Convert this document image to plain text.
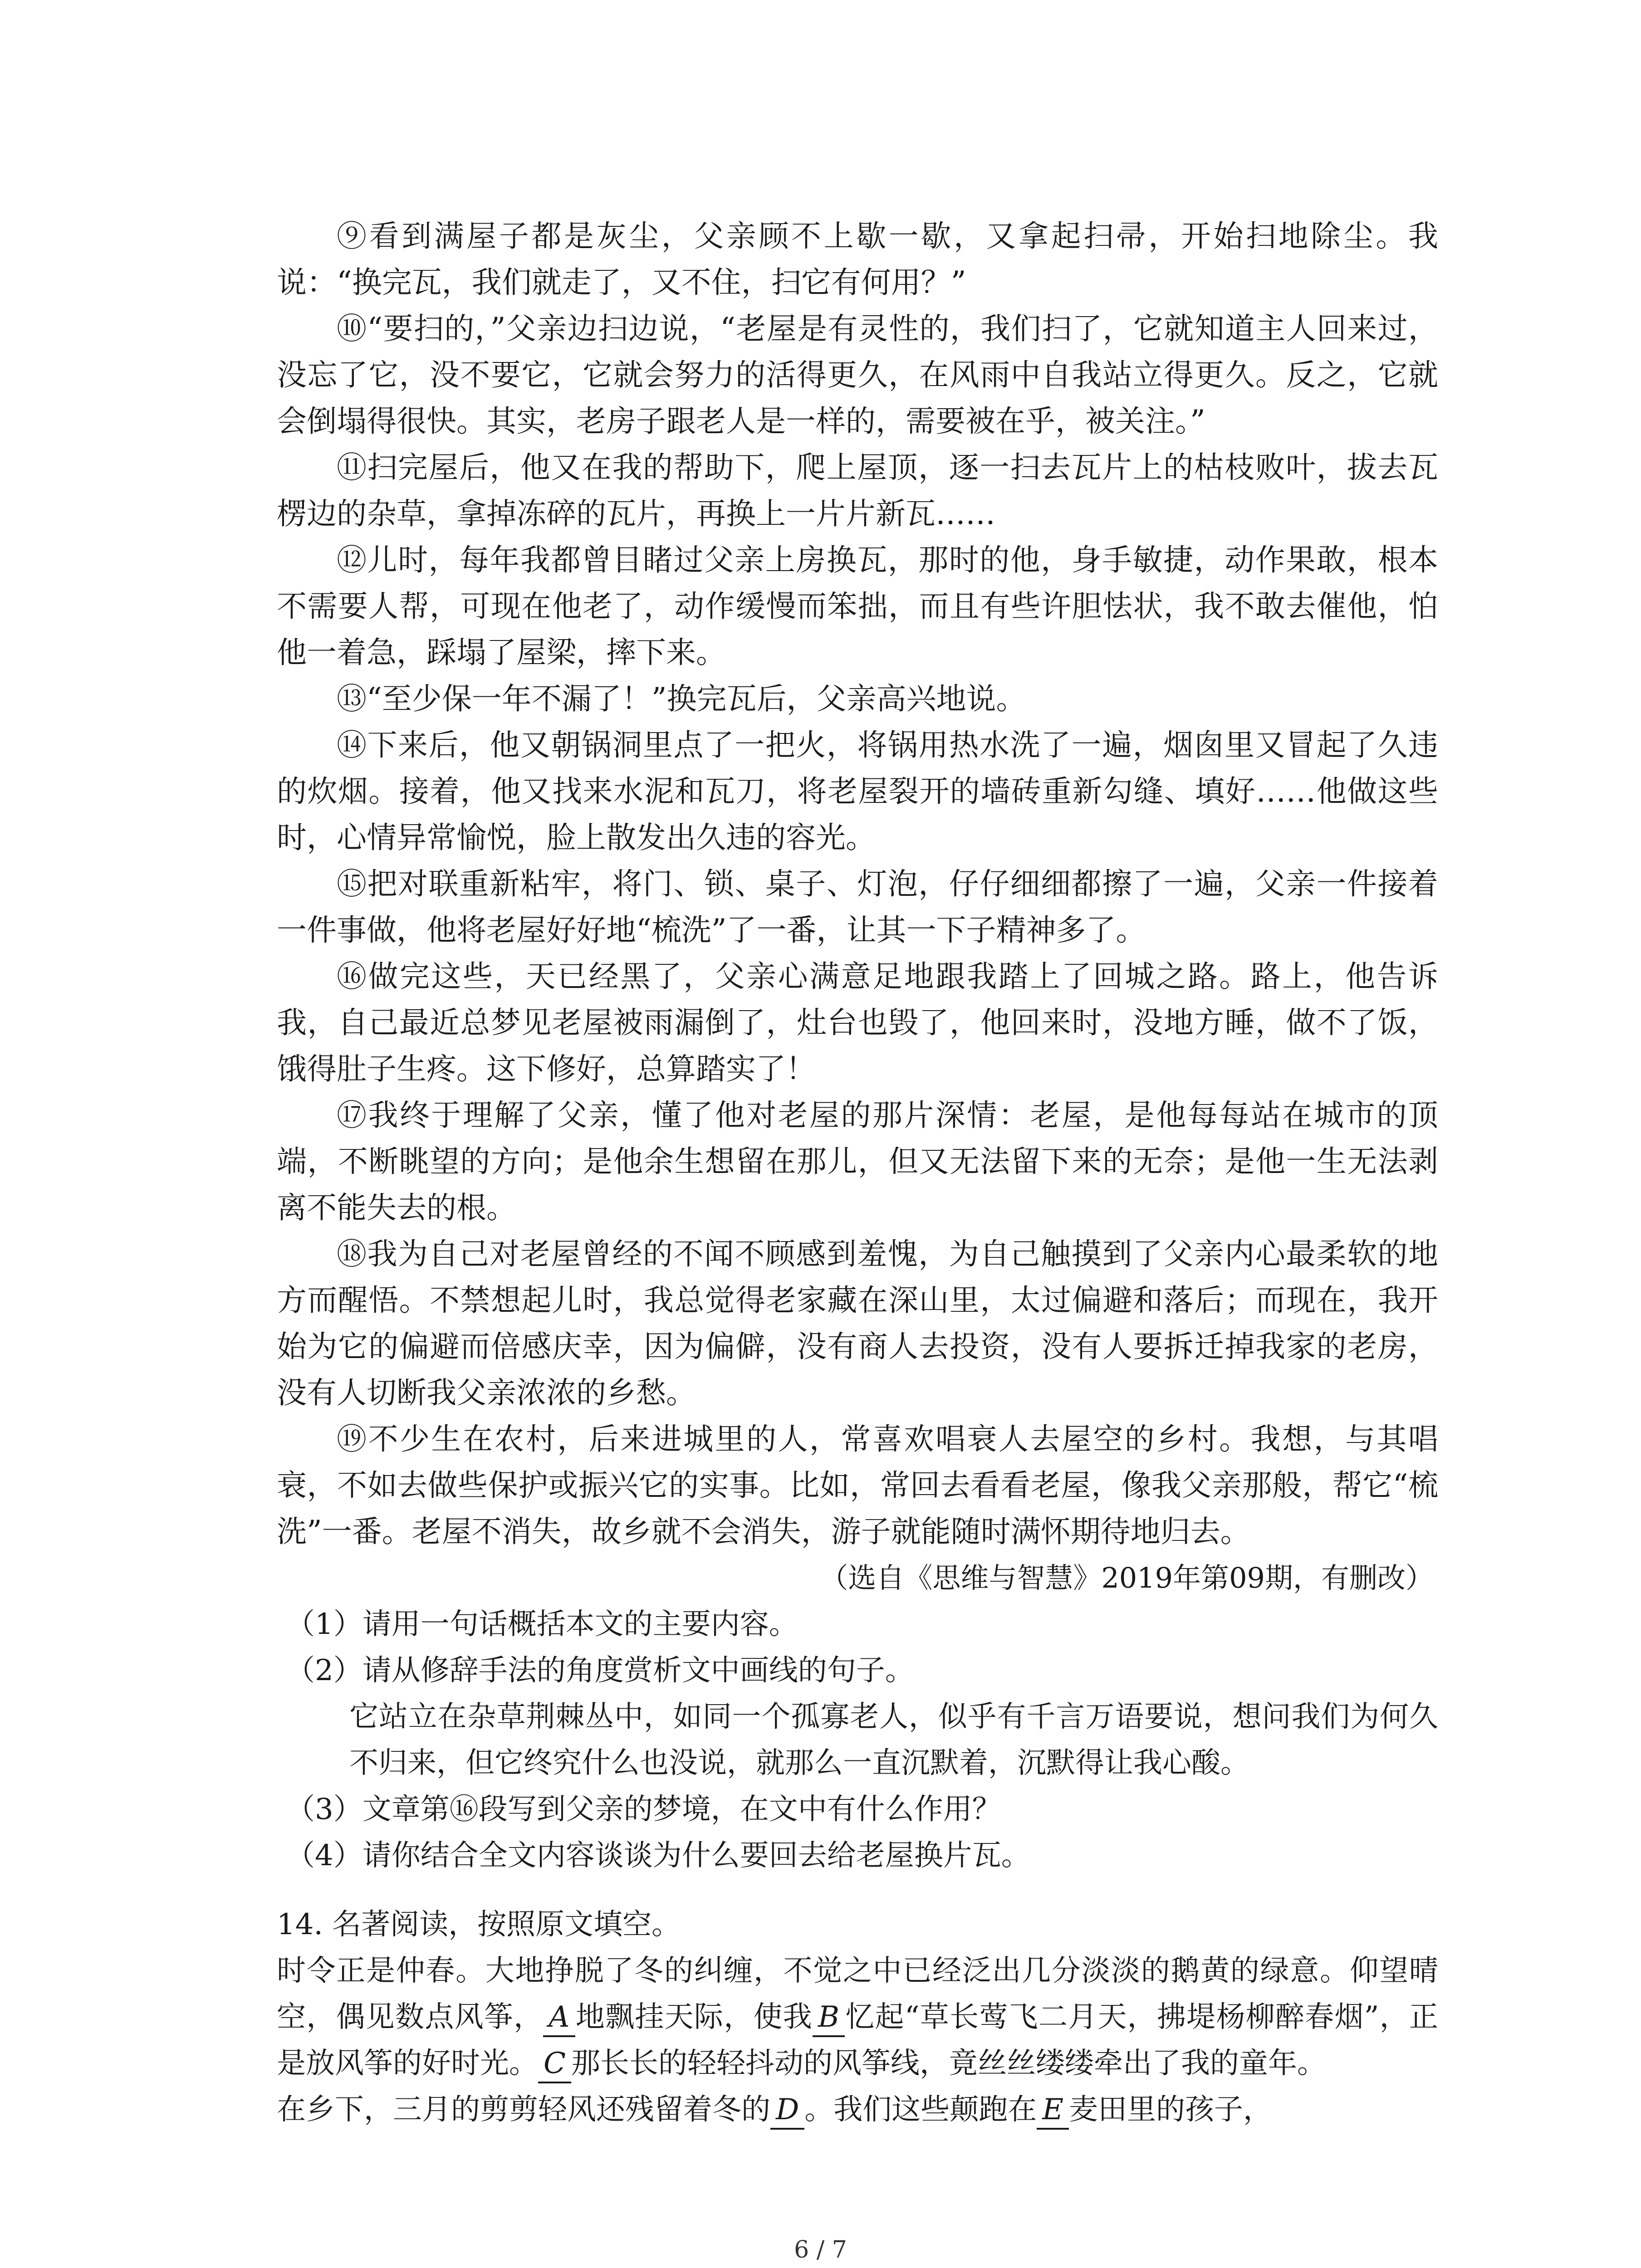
⑨看到满屋子都是灰尘，父亲顾不上歇一歇，又拿起扫帚，开始扫地除尘。我说：“换完瓦，我们就走了，又不住，扫它有何用？”

⑩“要扫的，”父亲边扫边说，“老屋是有灵性的，我们扫了，它就知道主人回来过，没忘了它，没不要它，它就会努力的活得更久，在风雨中自我站立得更久。反之，它就会倒塌得很快。其实，老房子跟老人是一样的，需要被在乎，被关注。”

⑪扫完屋后，他又在我的帮助下，爬上屋顶，逐一扫去瓦片上的枯枝败叶，拔去瓦楞边的杂草，拿掉冻碎的瓦片，再换上一片片新瓦……

⑫儿时，每年我都曾目睹过父亲上房换瓦，那时的他，身手敏捷，动作果敢，根本不需要人帮，可现在他老了，动作缓慢而笨拙，而且有些许胆怯状，我不敢去催他，怕他一着急，踩塌了屋梁，摔下来。

⑬“至少保一年不漏了！”换完瓦后，父亲高兴地说。

⑭下来后，他又朝锅洞里点了一把火，将锅用热水洗了一遍，烟囱里又冒起了久违的炊烟。接着，他又找来水泥和瓦刀，将老屋裂开的墙砖重新勾缝、填好……他做这些时，心情异常愉悦，脸上散发出久违的容光。

⑮把对联重新粘牢，将门、锁、桌子、灯泡，仔仔细细都擦了一遍，父亲一件接着一件事做，他将老屋好好地“梳洗”了一番，让其一下子精神多了。

⑯做完这些，天已经黑了，父亲心满意足地跟我踏上了回城之路。路上，他告诉我，自己最近总梦见老屋被雨漏倒了，灶台也毁了，他回来时，没地方睡，做不了饭，饿得肚子生疼。这下修好，总算踏实了！

⑰我终于理解了父亲，懂了他对老屋的那片深情：老屋，是他每每站在城市的顶端，不断眺望的方向；是他余生想留在那儿，但又无法留下来的无奈；是他一生无法剥离不能失去的根。

⑱我为自己对老屋曾经的不闻不顾感到羞愧，为自己触摸到了父亲内心最柔软的地方而醒悟。不禁想起儿时，我总觉得老家藏在深山里，太过偏避和落后；而现在，我开始为它的偏避而倍感庆幸，因为偏僻，没有商人去投资，没有人要拆迁掉我家的老房，没有人切断我父亲浓浓的乡愁。

⑲不少生在农村，后来进城里的人，常喜欢唱衰人去屋空的乡村。我想，与其唱衰，不如去做些保护或振兴它的实事。比如，常回去看看老屋，像我父亲那般，帮它“梳洗”一番。老屋不消失，故乡就不会消失，游子就能随时满怀期待地归去。

（选自《思维与智慧》2019年第09期，有删改）

（1）请用一句话概括本文的主要内容。

（2）请从修辞手法的角度赏析文中画线的句子。

它站立在杂草荆棘丛中，如同一个孤寡老人，似乎有千言万语要说，想问我们为何久不归来，但它终究什么也没说，就那么一直沉默着，沉默得让我心酸。

（3）文章第⑯段写到父亲的梦境，在文中有什么作用？

（4）请你结合全文内容谈谈为什么要回去给老屋换片瓦。

14. 名著阅读，按照原文填空。

时令正是仲春。大地挣脱了冬的纠缠，不觉之中已经泛出几分淡淡的鹅黄的绿意。仰望晴空，偶见数点风筝， A 地飘挂天际，使我 B 忆起“草长莺飞二月天，拂堤杨柳醉春烟”，正是放风筝的好时光。 C 那长长的轻轻抖动的风筝线，竟丝丝缕缕牵出了我的童年。

在乡下，三月的剪剪轻风还残留着冬的 D 。我们这些颠跑在 E 麦田里的孩子，

6 / 7
